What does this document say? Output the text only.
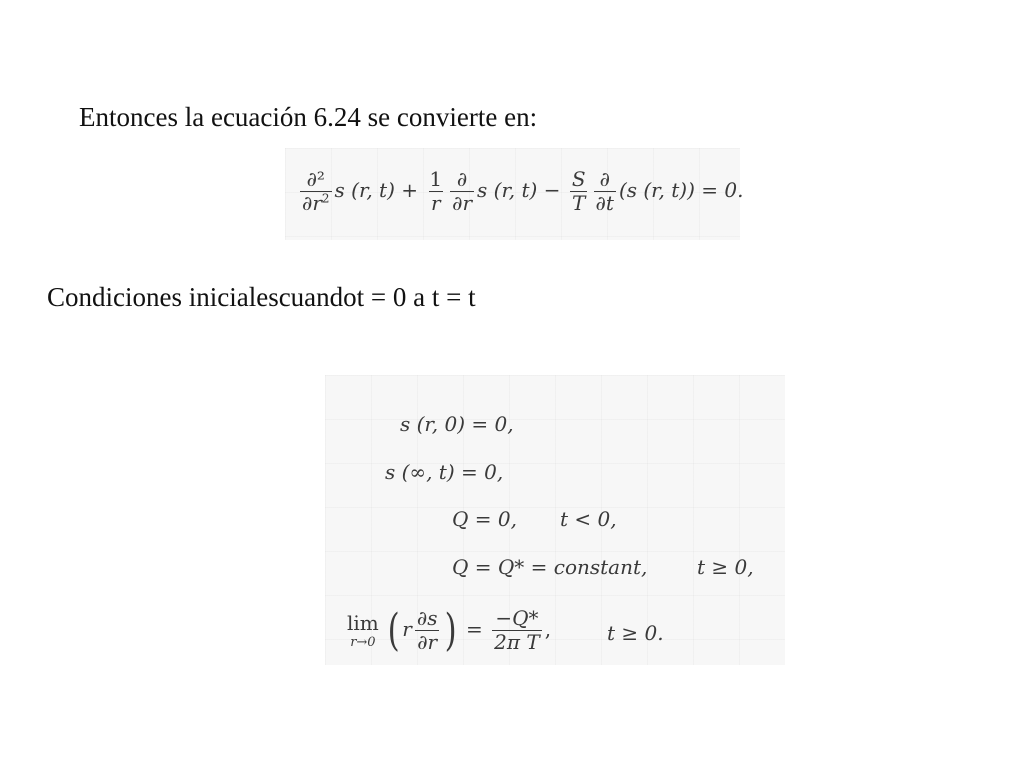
Entonces la ecuación 6.24 se convierte en:
$\frac{\text{∂²}}{\partial r^2}$ s (r, $t) + \frac{1}{r} \frac{\partial}{\partial r}$ s (r, $t) - \frac{S}{T} \frac{\partial}{\partial t} (s$ (r, t)) = 0.
Condiciones inicialescuandot = 0 a t = t
s (r, 0) = 0,
s (∞, t) = 0,
Q = 0, t < 0,
Q = Q* = constant, t ≥ 0,
lim
r→0 ( r $\frac{\partial s}{\partial r}$ ) = $\frac{-Q*}{\text{2π T}}$ ,	t ≥ 0.
